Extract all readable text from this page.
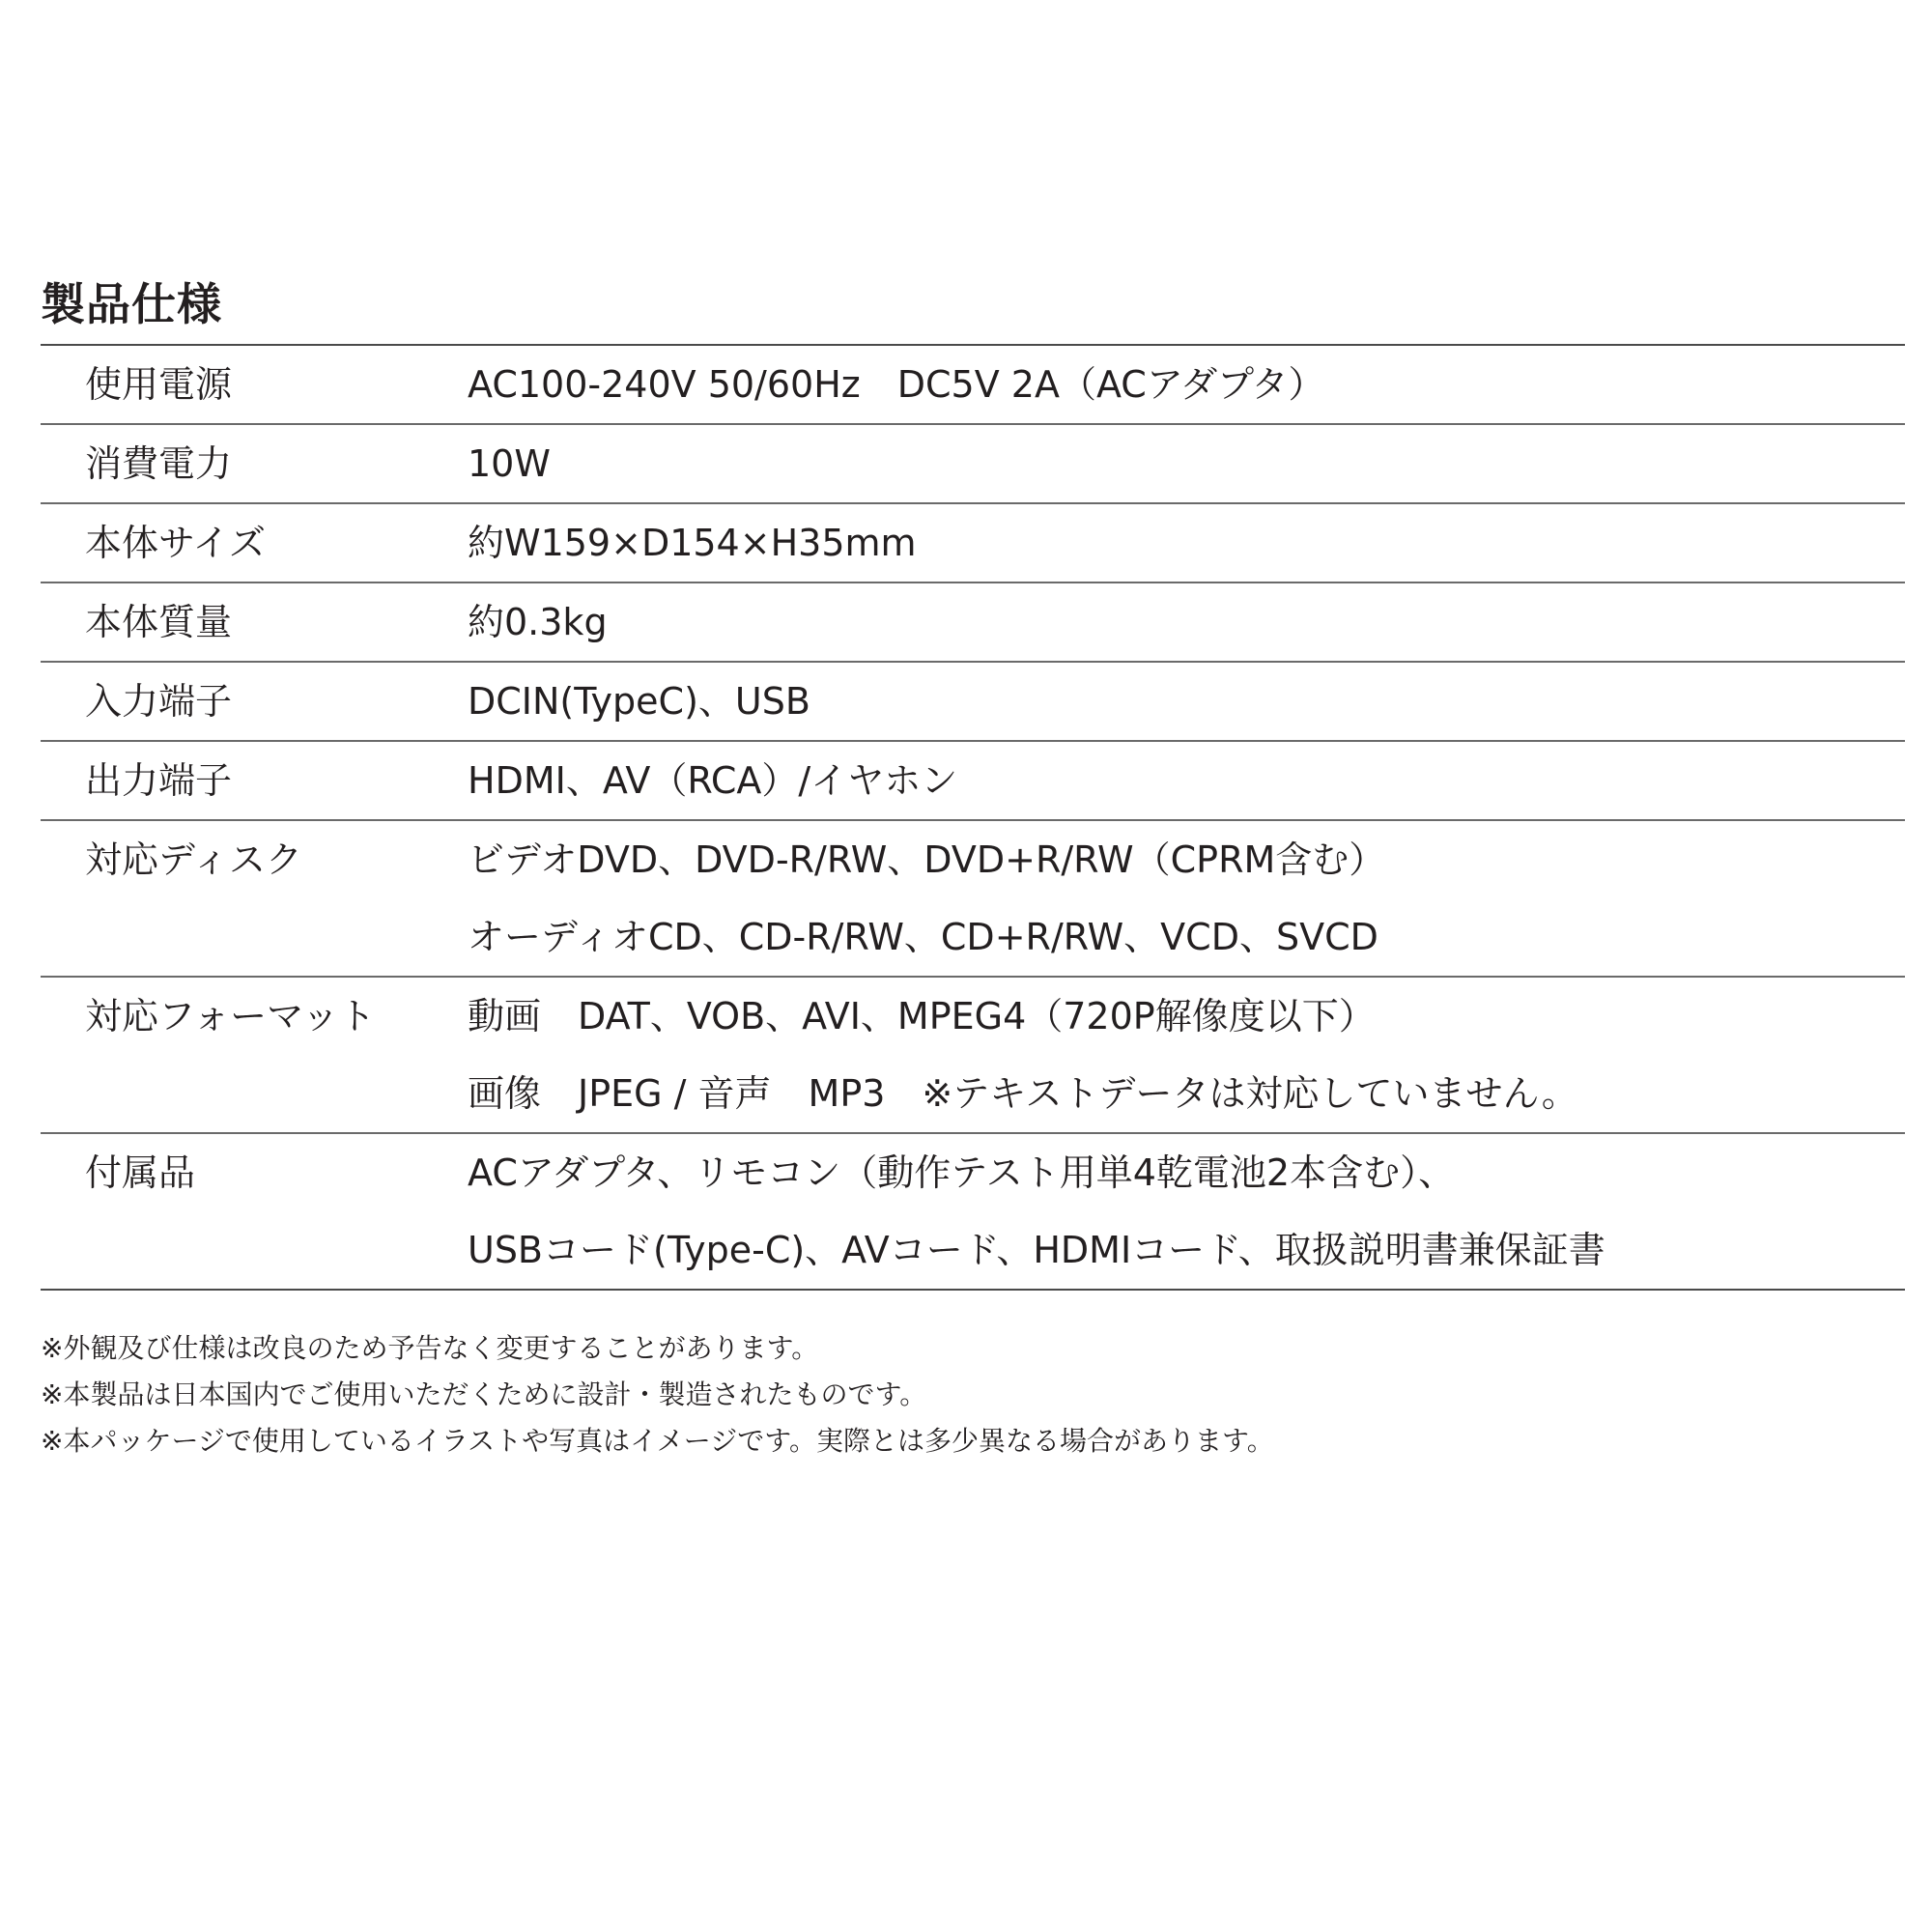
製品仕様
使用電源	AC100-240V 50/60Hz　DC5V 2A（ACアダプタ）
消費電力	10W
本体サイズ	約W159×D154×H35mm
本体質量	約0.3kg
入力端子	DCIN(TypeC)、USB
出力端子	HDMI、AV（RCA）/イヤホン
対応ディスク	ビデオDVD、DVD-R/RW、DVD+R/RW（CPRM含む）
オーディオCD、CD-R/RW、CD+R/RW、VCD、SVCD
対応フォーマット	動画　DAT、VOB、AVI、MPEG4（720P解像度以下）
画像　JPEG / 音声　MP3　※テキストデータは対応していません。
付属品	ACアダプタ、リモコン（動作テスト用単4乾電池2本含む）、
USBコード(Type-C)、AVコード、HDMIコード、取扱説明書兼保証書
※外観及び仕様は改良のため予告なく変更することがあります。
※本製品は日本国内でご使用いただくために設計・製造されたものです。
※本パッケージで使用しているイラストや写真はイメージです。実際とは多少異なる場合があります。
